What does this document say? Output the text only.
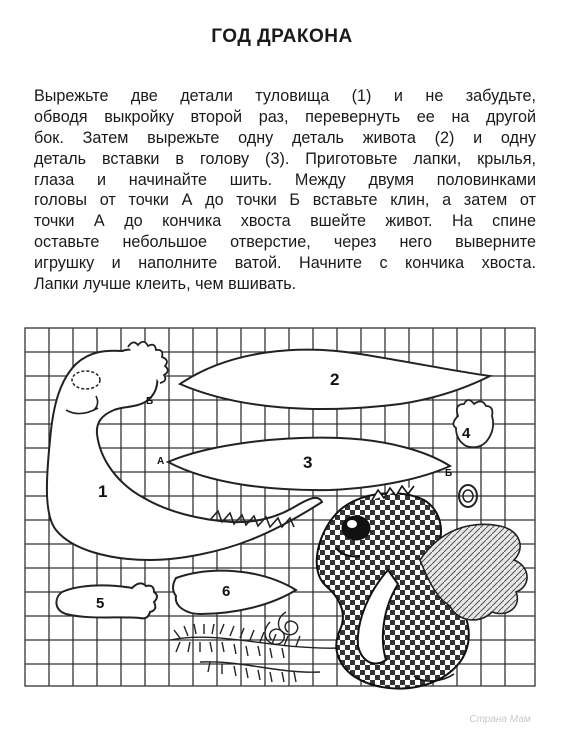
ГОД ДРАКОНА
Вырежьте две детали туловища (1) и не забудьте,
обводя выкройку второй раз, перевернуть ее на другой
бок. Затем вырежьте одну деталь живота (2) и одну
деталь вставки в голову (3). Приготовьте лапки, крылья,
глаза и начинайте шить. Между двумя половинками
головы от точки А до точки Б вставьте клин, а затем от
точки А до кончика хвоста вшейте живот. На спине
оставьте небольшое отверстие, через него выверните
игрушку и наполните ватой. Начните с кончика хвоста.
Лапки лучше клеить, чем вшивать.
1
Б
2
3
А
Б
4
5
6
Страна Мам
